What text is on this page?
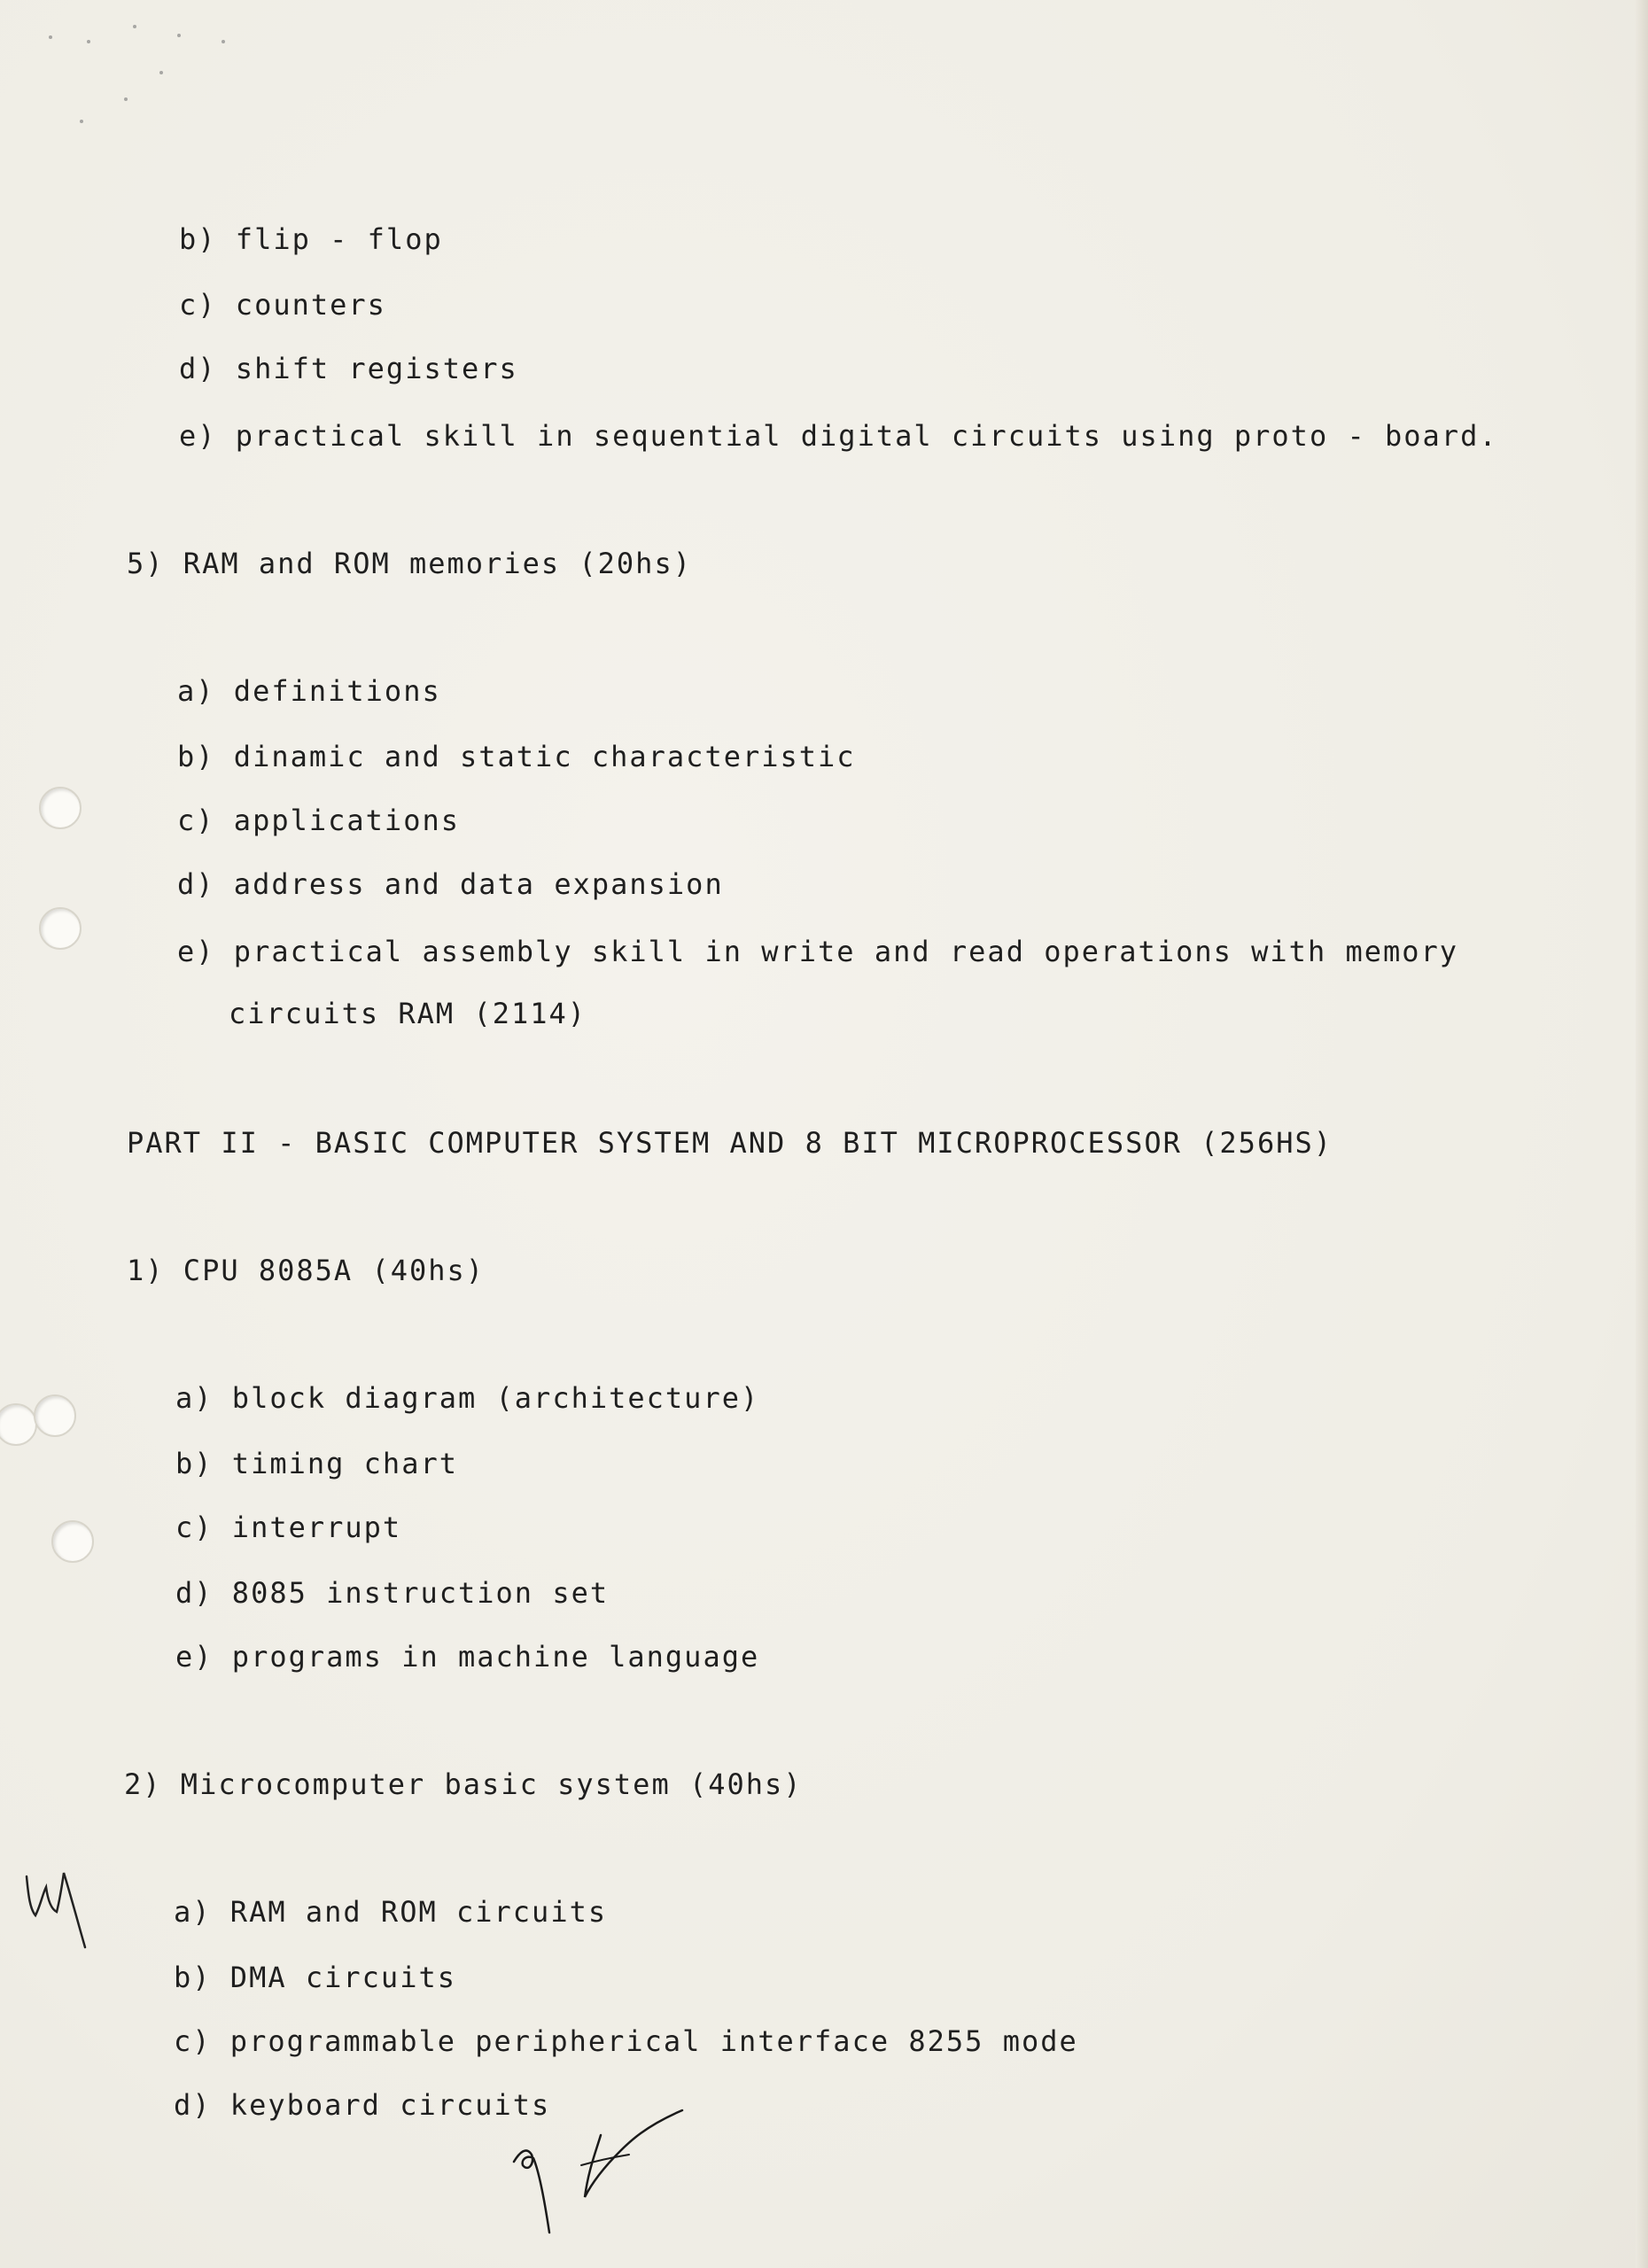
b) flip - flop
c) counters
d) shift registers
e) practical skill in sequential digital circuits using proto - board.
5) RAM and ROM memories (20hs)
a) definitions
b) dinamic and static characteristic
c) applications
d) address and data expansion
e) practical assembly skill in write and read operations with memory
circuits RAM (2114)
PART II - BASIC COMPUTER SYSTEM AND 8 BIT MICROPROCESSOR (256HS)
1) CPU 8085A (40hs)
a) block diagram (architecture)
b) timing chart
c) interrupt
d) 8085 instruction set
e) programs in machine language
2) Microcomputer basic system (40hs)
a) RAM and ROM circuits
b) DMA circuits
c) programmable peripherical interface 8255 mode
d) keyboard circuits
